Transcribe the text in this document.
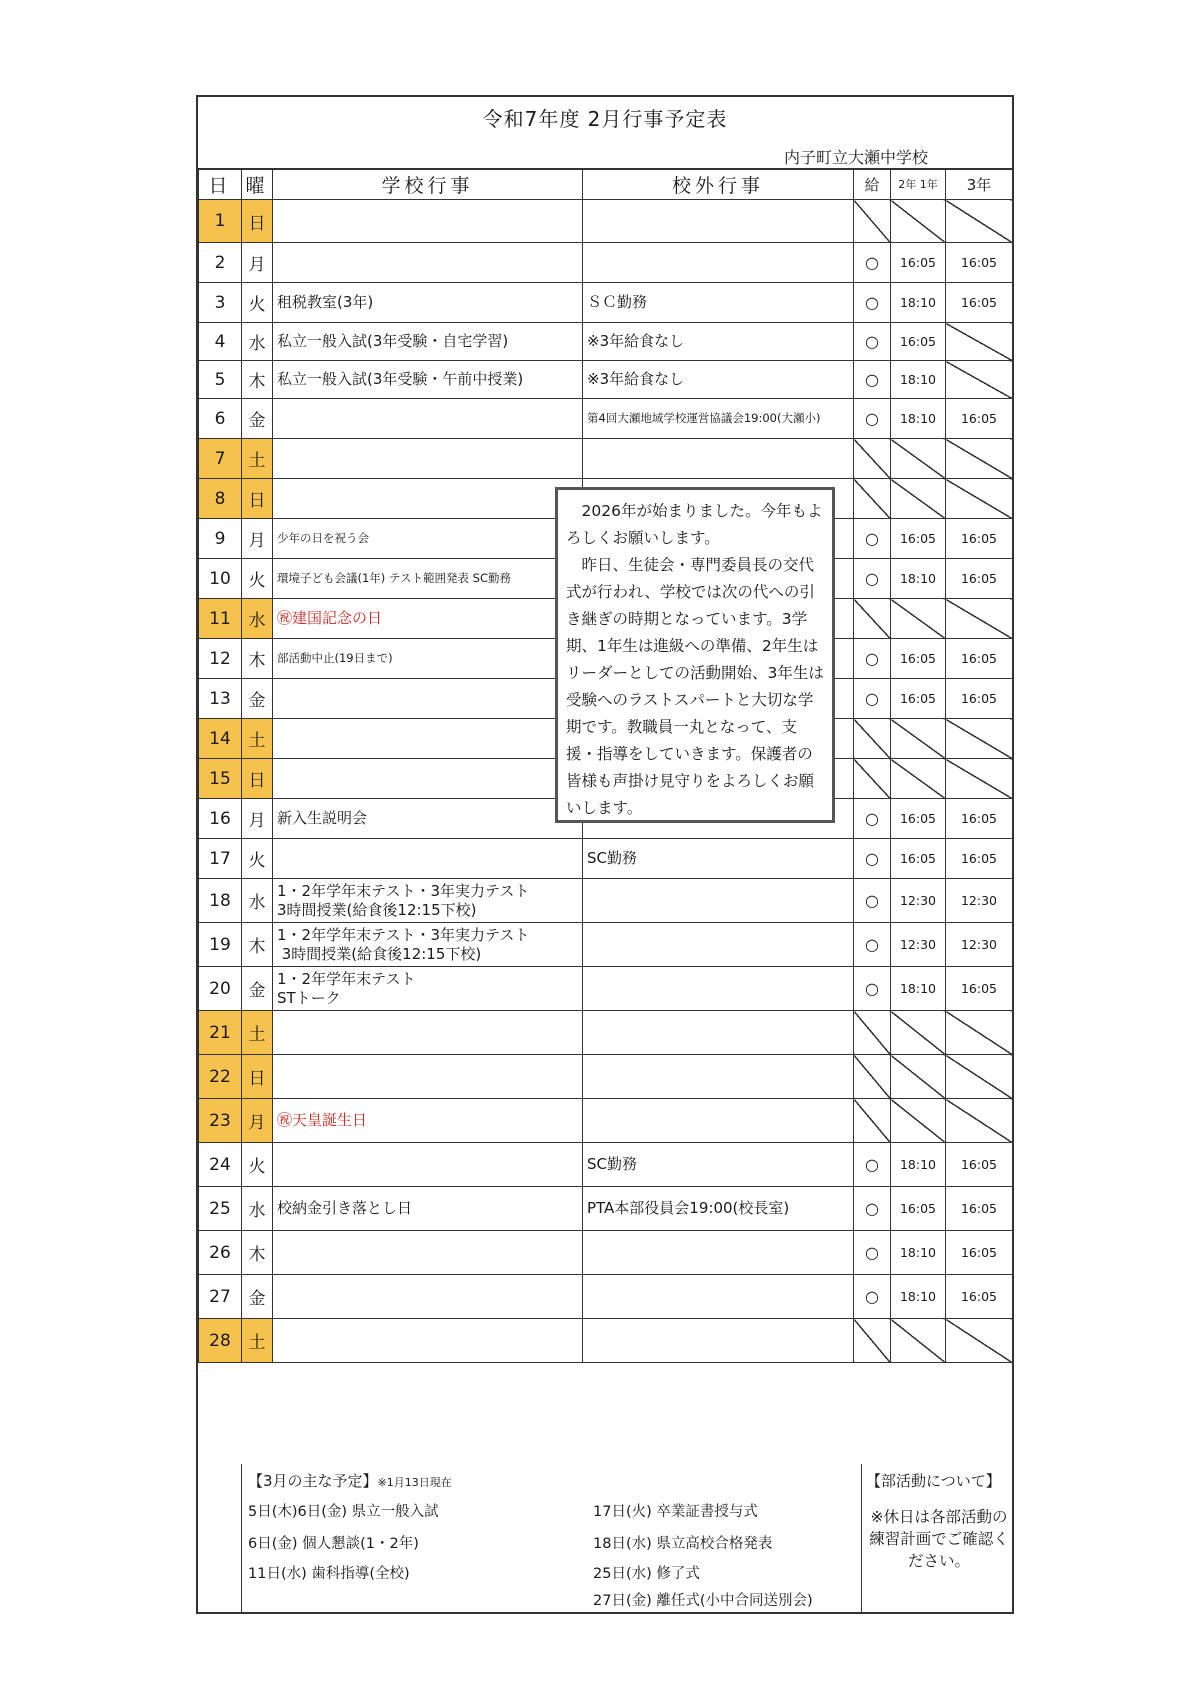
令和7年度 2月行事予定表
内子町立大瀬中学校
日	曜	学校行事	校外行事	給	2年 1年	3年
1	日					
2	月			○	16:05	16:05
3	火	租税教室(3年)	ＳＣ勤務	○	18:10	16:05
4	水	私立一般入試(3年受験・自宅学習)	※3年給食なし	○	16:05	
5	木	私立一般入試(3年受験・午前中授業)	※3年給食なし	○	18:10	
6	金		第4回大瀬地域学校運営協議会19:00(大瀬小)	○	18:10	16:05
7	土					
8	日					
9	月	少年の日を祝う会		○	16:05	16:05
10	火	環境子ども会議(1年) テスト範囲発表 SC勤務		○	18:10	16:05
11	水	㊗建国記念の日				
12	木	部活動中止(19日まで)		○	16:05	16:05
13	金			○	16:05	16:05
14	土					
15	日					
16	月	新入生説明会		○	16:05	16:05
17	火		SC勤務	○	16:05	16:05
18	水	1・2年学年末テスト・3年実力テスト
3時間授業(給食後12:15下校)		○	12:30	12:30
19	木	1・2年学年末テスト・3年実力テスト
3時間授業(給食後12:15下校)		○	12:30	12:30
20	金	1・2年学年末テスト
STトーク		○	18:10	16:05
21	土					
22	日					
23	月	㊗天皇誕生日				
24	火		SC勤務	○	18:10	16:05
25	水	校納金引き落とし日	PTA本部役員会19:00(校長室)	○	16:05	16:05
26	木			○	18:10	16:05
27	金			○	18:10	16:05
28	土					
【3月の主な予定】※1月13日現在
5日(木)6日(金) 県立一般入試
6日(金) 個人懇談(1・2年)
11日(水) 歯科指導(全校)
17日(火) 卒業証書授与式
18日(水) 県立高校合格発表
25日(水) 修了式
27日(金) 離任式(小中合同送別会)
【部活動について】
※休日は各部活動の練習計画でご確認ください。

2026年が始まりました。今年もよろしくお願いします。

昨日、生徒会・専門委員長の交代式が行われ、学校では次の代への引き継ぎの時期となっています。3学期、1年生は進級への準備、2年生はリーダーとしての活動開始、3年生は受験へのラストスパートと大切な学期です。教職員一丸となって、支援・指導をしていきます。保護者の皆様も声掛け見守りをよろしくお願いします。
